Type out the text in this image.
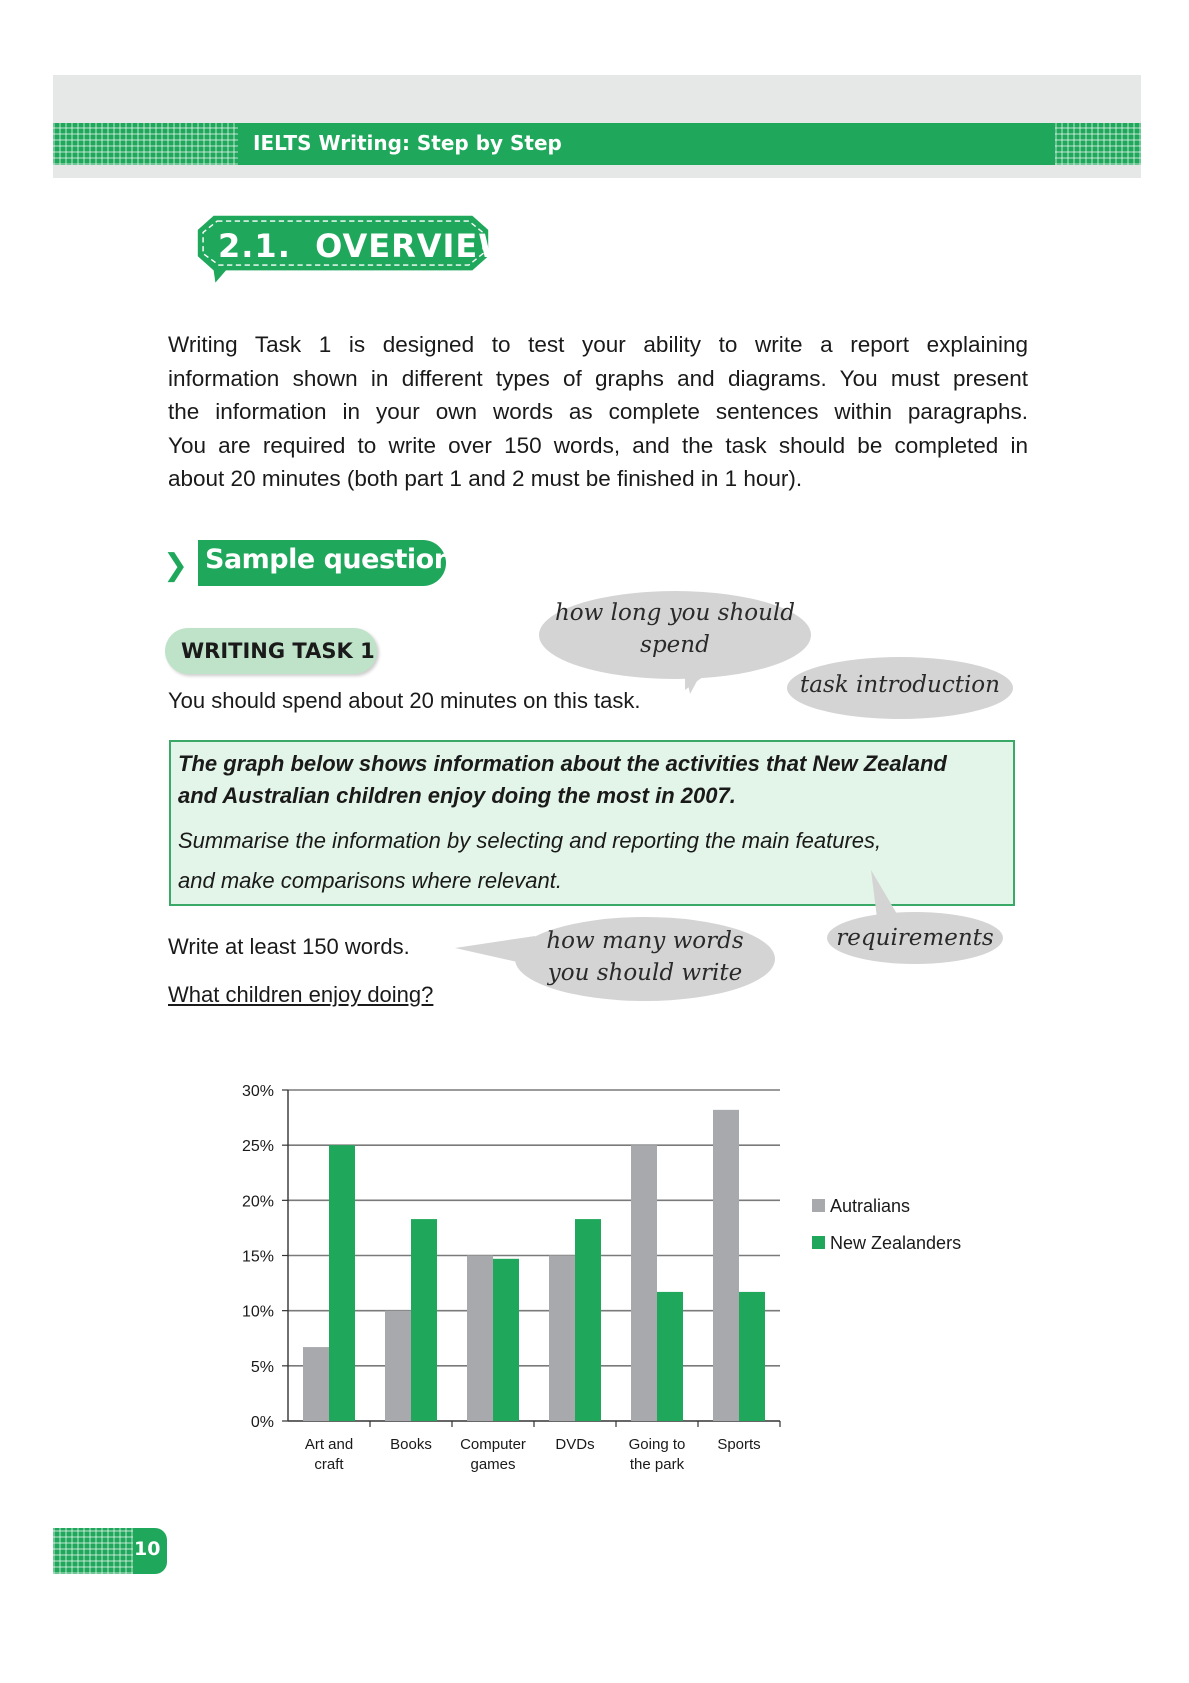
IELTS Writing: Step by Step
2.1.  OVERVIEW
Writing Task 1 is designed to test your ability to write a report explaining
information shown in different types of graphs and diagrams. You must present
the information in your own words as complete sentences within paragraphs.
You are required to write over 150 words, and the task should be completed in
about 20 minutes (both part 1 and 2 must be finished in 1 hour).
❯ Sample question:
WRITING TASK 1
how long you should
spend
task introduction
You should spend about 20 minutes on this task.
The graph below shows information about the activities that New Zealand
and Australian children enjoy doing the most in 2007.
Summarise the information by selecting and reporting the main features,
and make comparisons where relevant.
requirements
how many words
you should write
Write at least 150 words.
What children enjoy doing?
0%
5%
10%
15%
20%
25%
30%
Art and
craft
Books Computer
games
DVDs Going to
the park
Sports
Autralians
New Zealanders
10
